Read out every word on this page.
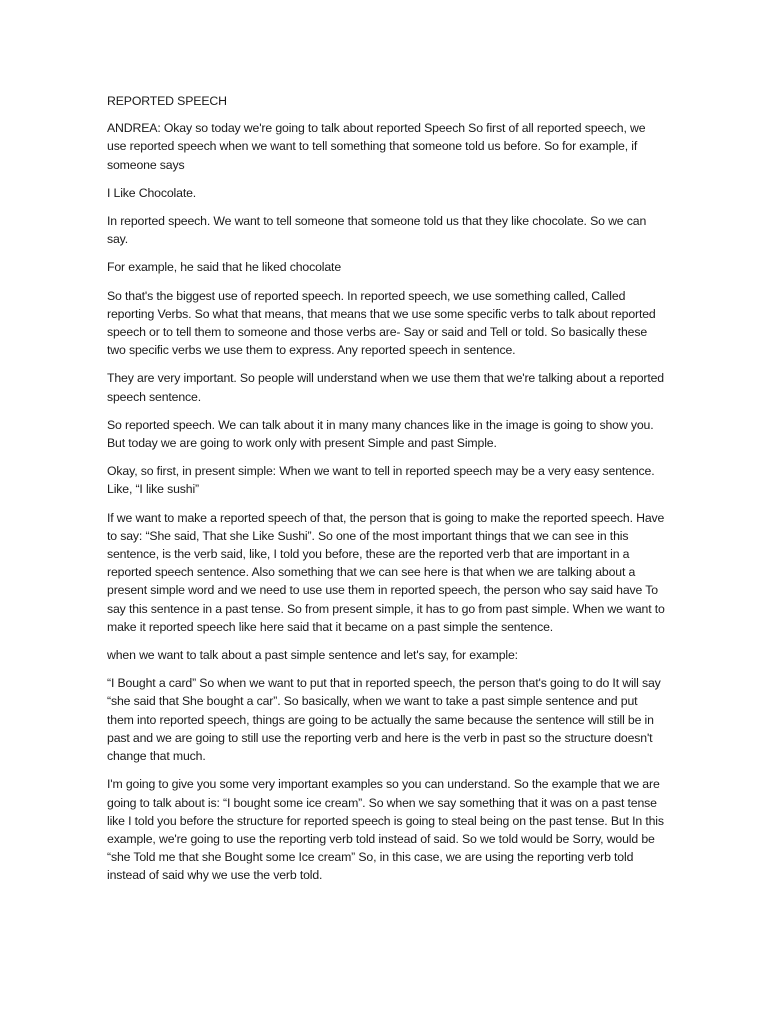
REPORTED SPEECH

ANDREA: Okay so today we're going to talk about reported Speech So first of all reported speech, we use reported speech when we want to tell something that someone told us before. So for example, if someone says

I Like Chocolate.

In reported speech. We want to tell someone that someone told us that they like chocolate. So we can say.

For example, he said that he liked chocolate

So that's the biggest use of reported speech. In reported speech, we use something called, Called reporting Verbs. So what that means, that means that we use some specific verbs to talk about reported speech or to tell them to someone and those verbs are- Say or said and Tell or told. So basically these two specific verbs we use them to express. Any reported speech in sentence.

They are very important. So people will understand when we use them that we're talking about a reported speech sentence.

So reported speech. We can talk about it in many many chances like in the image is going to show you. But today we are going to work only with present Simple and past Simple.

Okay, so first, in present simple: When we want to tell in reported speech may be a very easy sentence. Like, “I like sushi”

If we want to make a reported speech of that, the person that is going to make the reported speech. Have to say: “She said, That she Like Sushi”. So one of the most important things that we can see in this sentence, is the verb said, like, I told you before, these are the reported verb that are important in a reported speech sentence. Also something that we can see here is that when we are talking about a present simple word and we need to use use them in reported speech, the person who say said have To say this sentence in a past tense. So from present simple, it has to go from past simple. When we want to make it reported speech like here said that it became on a past simple the sentence.

when we want to talk about a past simple sentence and let's say, for example:

“I Bought a card” So when we want to put that in reported speech, the person that's going to do It will say “she said that She bought a car”. So basically, when we want to take a past simple sentence and put them into reported speech, things are going to be actually the same because the sentence will still be in past and we are going to still use the reporting verb and here is the verb in past so the structure doesn't change that much.

I'm going to give you some very important examples so you can understand. So the example that we are going to talk about is: “I bought some ice cream”. So when we say something that it was on a past tense like I told you before the structure for reported speech is going to steal being on the past tense. But In this example, we're going to use the reporting verb told instead of said. So we told would be Sorry, would be “she Told me that she Bought some Ice cream” So, in this case, we are using the reporting verb told instead of said why we use the verb told.
